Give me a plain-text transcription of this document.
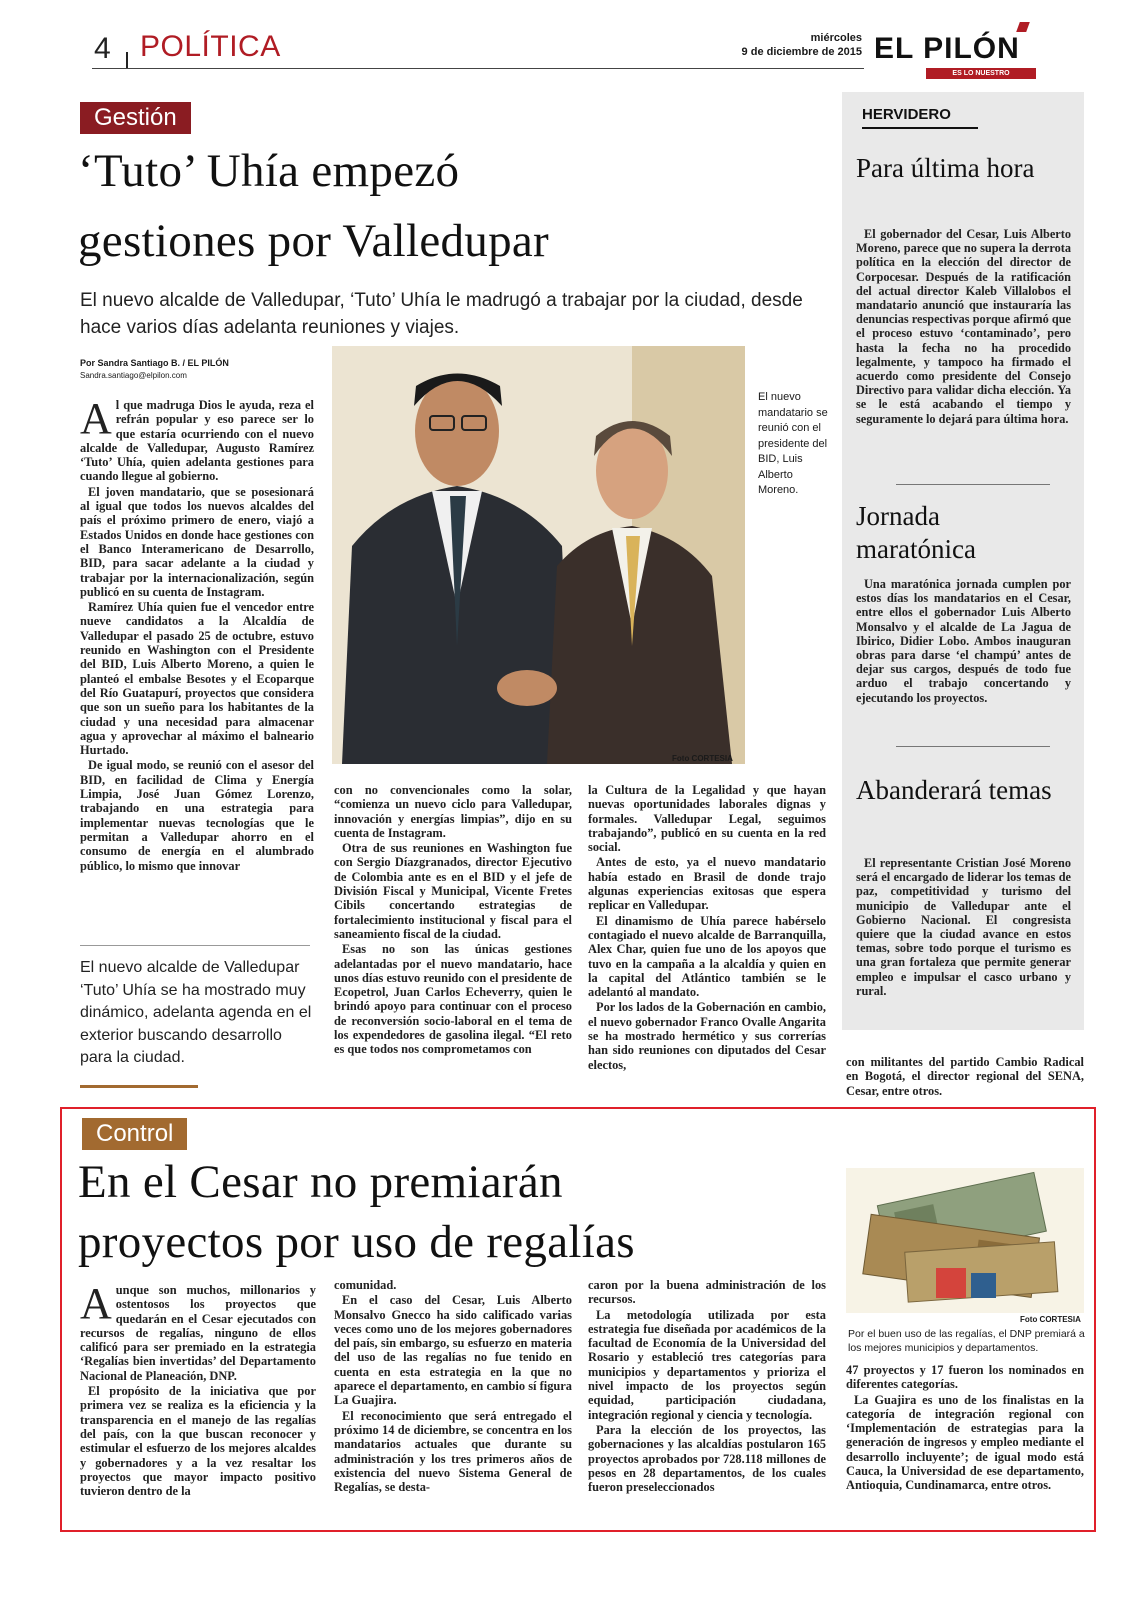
4 POLÍTICA	miércoles
9 de diciembre de 2015 EL PILÓN
ES LO NUESTRO
Gestión
‘Tuto’ Uhía empezó
gestiones por Valledupar
El nuevo alcalde de Valledupar, ‘Tuto’ Uhía le madrugó a trabajar por la ciudad, desde hace varios días adelanta reuniones y viajes.
Por Sandra Santiago B. / EL PILÓN
Sandra.santiago@elpilon.com
El nuevo mandatario se reunió con el presidente del BID, Luis Alberto Moreno.
Foto CORTESIA

Al que madruga Dios le ayuda, reza el refrán popular y eso parece ser lo que estaría ocurriendo con el nuevo alcalde de Valledupar, Augusto Ramírez ‘Tuto’ Uhía, quien adelanta gestiones para cuando llegue al gobierno.

El joven mandatario, que se posesionará al igual que todos los nuevos alcaldes del país el próximo primero de enero, viajó a Estados Unidos en donde hace gestiones con el Banco Interamericano de Desarrollo, BID, para sacar adelante a la ciudad y trabajar por la internacionalización, según publicó en su cuenta de Instagram.

Ramírez Uhía quien fue el vencedor entre nueve candidatos a la Alcaldía de Valledupar el pasado 25 de octubre, estuvo reunido en Washington con el Presidente del BID, Luis Alberto Moreno, a quien le planteó el embalse Besotes y el Ecoparque del Río Guatapurí, proyectos que considera que son un sueño para los habitantes de la ciudad y una necesidad para almacenar agua y aprovechar al máximo el balneario Hurtado.

De igual modo, se reunió con el asesor del BID, en facilidad de Clima y Energía Limpia, José Juan Gómez Lorenzo, trabajando en una estrategia para implementar nuevas tecnologías que le permitan a Valledupar ahorro en el consumo de energía en el alumbrado público, lo mismo que innovar

El nuevo alcalde de Valledupar ‘Tuto’ Uhía se ha mostrado muy dinámico, adelanta agenda en el exterior buscando desarrollo para la ciudad.

con no convencionales como la solar, “comienza un nuevo ciclo para Valledupar, innovación y energías limpias”, dijo en su cuenta de Instagram.

Otra de sus reuniones en Washington fue con Sergio Díazgranados, director Ejecutivo de Colombia ante es en el BID y el jefe de División Fiscal y Municipal, Vicente Fretes Cibils concertando estrategias de fortalecimiento institucional y fiscal para el saneamiento fiscal de la ciudad.

Esas no son las únicas gestiones adelantadas por el nuevo mandatario, hace unos días estuvo reunido con el presidente de Ecopetrol, Juan Carlos Echeverry, quien le brindó apoyo para continuar con el proceso de reconversión socio-laboral en el tema de los expendedores de gasolina ilegal. “El reto es que todos nos comprometamos con

la Cultura de la Legalidad y que hayan nuevas oportunidades laborales dignas y formales. Valledupar Legal, seguimos trabajando”, publicó en su cuenta en la red social.

Antes de esto, ya el nuevo mandatario había estado en Brasil de donde trajo algunas experiencias exitosas que espera replicar en Valledupar.

El dinamismo de Uhía parece habérselo contagiado el nuevo alcalde de Barranquilla, Alex Char, quien fue uno de los apoyos que tuvo en la campaña a la alcaldía y quien en la capital del Atlántico también se le adelantó al mandato.

Por los lados de la Gobernación en cambio, el nuevo gobernador Franco Ovalle Angarita se ha mostrado hermético y sus correrías han sido reuniones con diputados del Cesar electos,	con militantes del partido Cambio Radical en Bogotá, el director regional del SENA, Cesar, entre otros.

HERVIDERO
Para última hora
El gobernador del Cesar, Luis Alberto Moreno, parece que no supera la derrota política en la elección del director de Corpocesar. Después de la ratificación del actual director Kaleb Villalobos el mandatario anunció que instauraría las denuncias respectivas porque afirmó que el proceso estuvo ‘contaminado’, pero hasta la fecha no ha procedido legalmente, y tampoco ha firmado el acuerdo como presidente del Consejo Directivo para validar dicha elección. Ya se le está acabando el tiempo y seguramente lo dejará para última hora.
Jornada maratónica
Una maratónica jornada cumplen por estos días los mandatarios en el Cesar, entre ellos el gobernador Luis Alberto Monsalvo y el alcalde de La Jagua de Ibirico, Didier Lobo. Ambos inauguran obras para darse ‘el champú’ antes de dejar sus cargos, después de todo fue arduo el trabajo concertando y ejecutando los proyectos.
Abanderará temas
El representante Cristian José Moreno será el encargado de liderar los temas de paz, competitividad y turismo del municipio de Valledupar ante el Gobierno Nacional. El congresista quiere que la ciudad avance en estos temas, sobre todo porque el turismo es una gran fortaleza que permite generar empleo e impulsar el casco urbano y rural.
Control
En el Cesar no premiarán
proyectos por uso de regalías
Foto CORTESIA
Por el buen uso de las regalías, el DNP premiará a los mejores municipios y departamentos.

Aunque son muchos, millonarios y ostentosos los proyectos que quedarán en el Cesar ejecutados con recursos de regalías, ninguno de ellos calificó para ser premiado en la estrategia ‘Regalías bien invertidas’ del Departamento Nacional de Planeación, DNP.

El propósito de la iniciativa que por primera vez se realiza es la eficiencia y la transparencia en el manejo de las regalías del país, con la que buscan reconocer y estimular el esfuerzo de los mejores alcaldes y gobernadores y a la vez resaltar los proyectos que mayor impacto positivo tuvieron dentro de la

comunidad.

En el caso del Cesar, Luis Alberto Monsalvo Gnecco ha sido calificado varias veces como uno de los mejores gobernadores del país, sin embargo, su esfuerzo en materia del uso de las regalías no fue tenido en cuenta en esta estrategia en la que no aparece el departamento, en cambio sí figura La Guajira.

El reconocimiento que será entregado el próximo 14 de diciembre, se concentra en los mandatarios actuales que durante su administración y los tres primeros años de existencia del nuevo Sistema General de Regalías, se desta-

caron por la buena administración de los recursos.

La metodología utilizada por esta estrategia fue diseñada por académicos de la facultad de Economía de la Universidad del Rosario y estableció tres categorías para municipios y departamentos y prioriza el nivel impacto de los proyectos según equidad, participación ciudadana, integración regional y ciencia y tecnología.

Para la elección de los proyectos, las gobernaciones y las alcaldías postularon 165 proyectos aprobados por 728.118 millones de pesos en 28 departamentos, de los cuales fueron preseleccionados

47 proyectos y 17 fueron los nominados en diferentes categorías.

La Guajira es uno de los finalistas en la categoría de integración regional con ‘Implementación de estrategias para la generación de ingresos y empleo mediante el desarrollo incluyente’; de igual modo está Cauca, la Universidad de ese departamento, Antioquia, Cundinamarca, entre otros.
